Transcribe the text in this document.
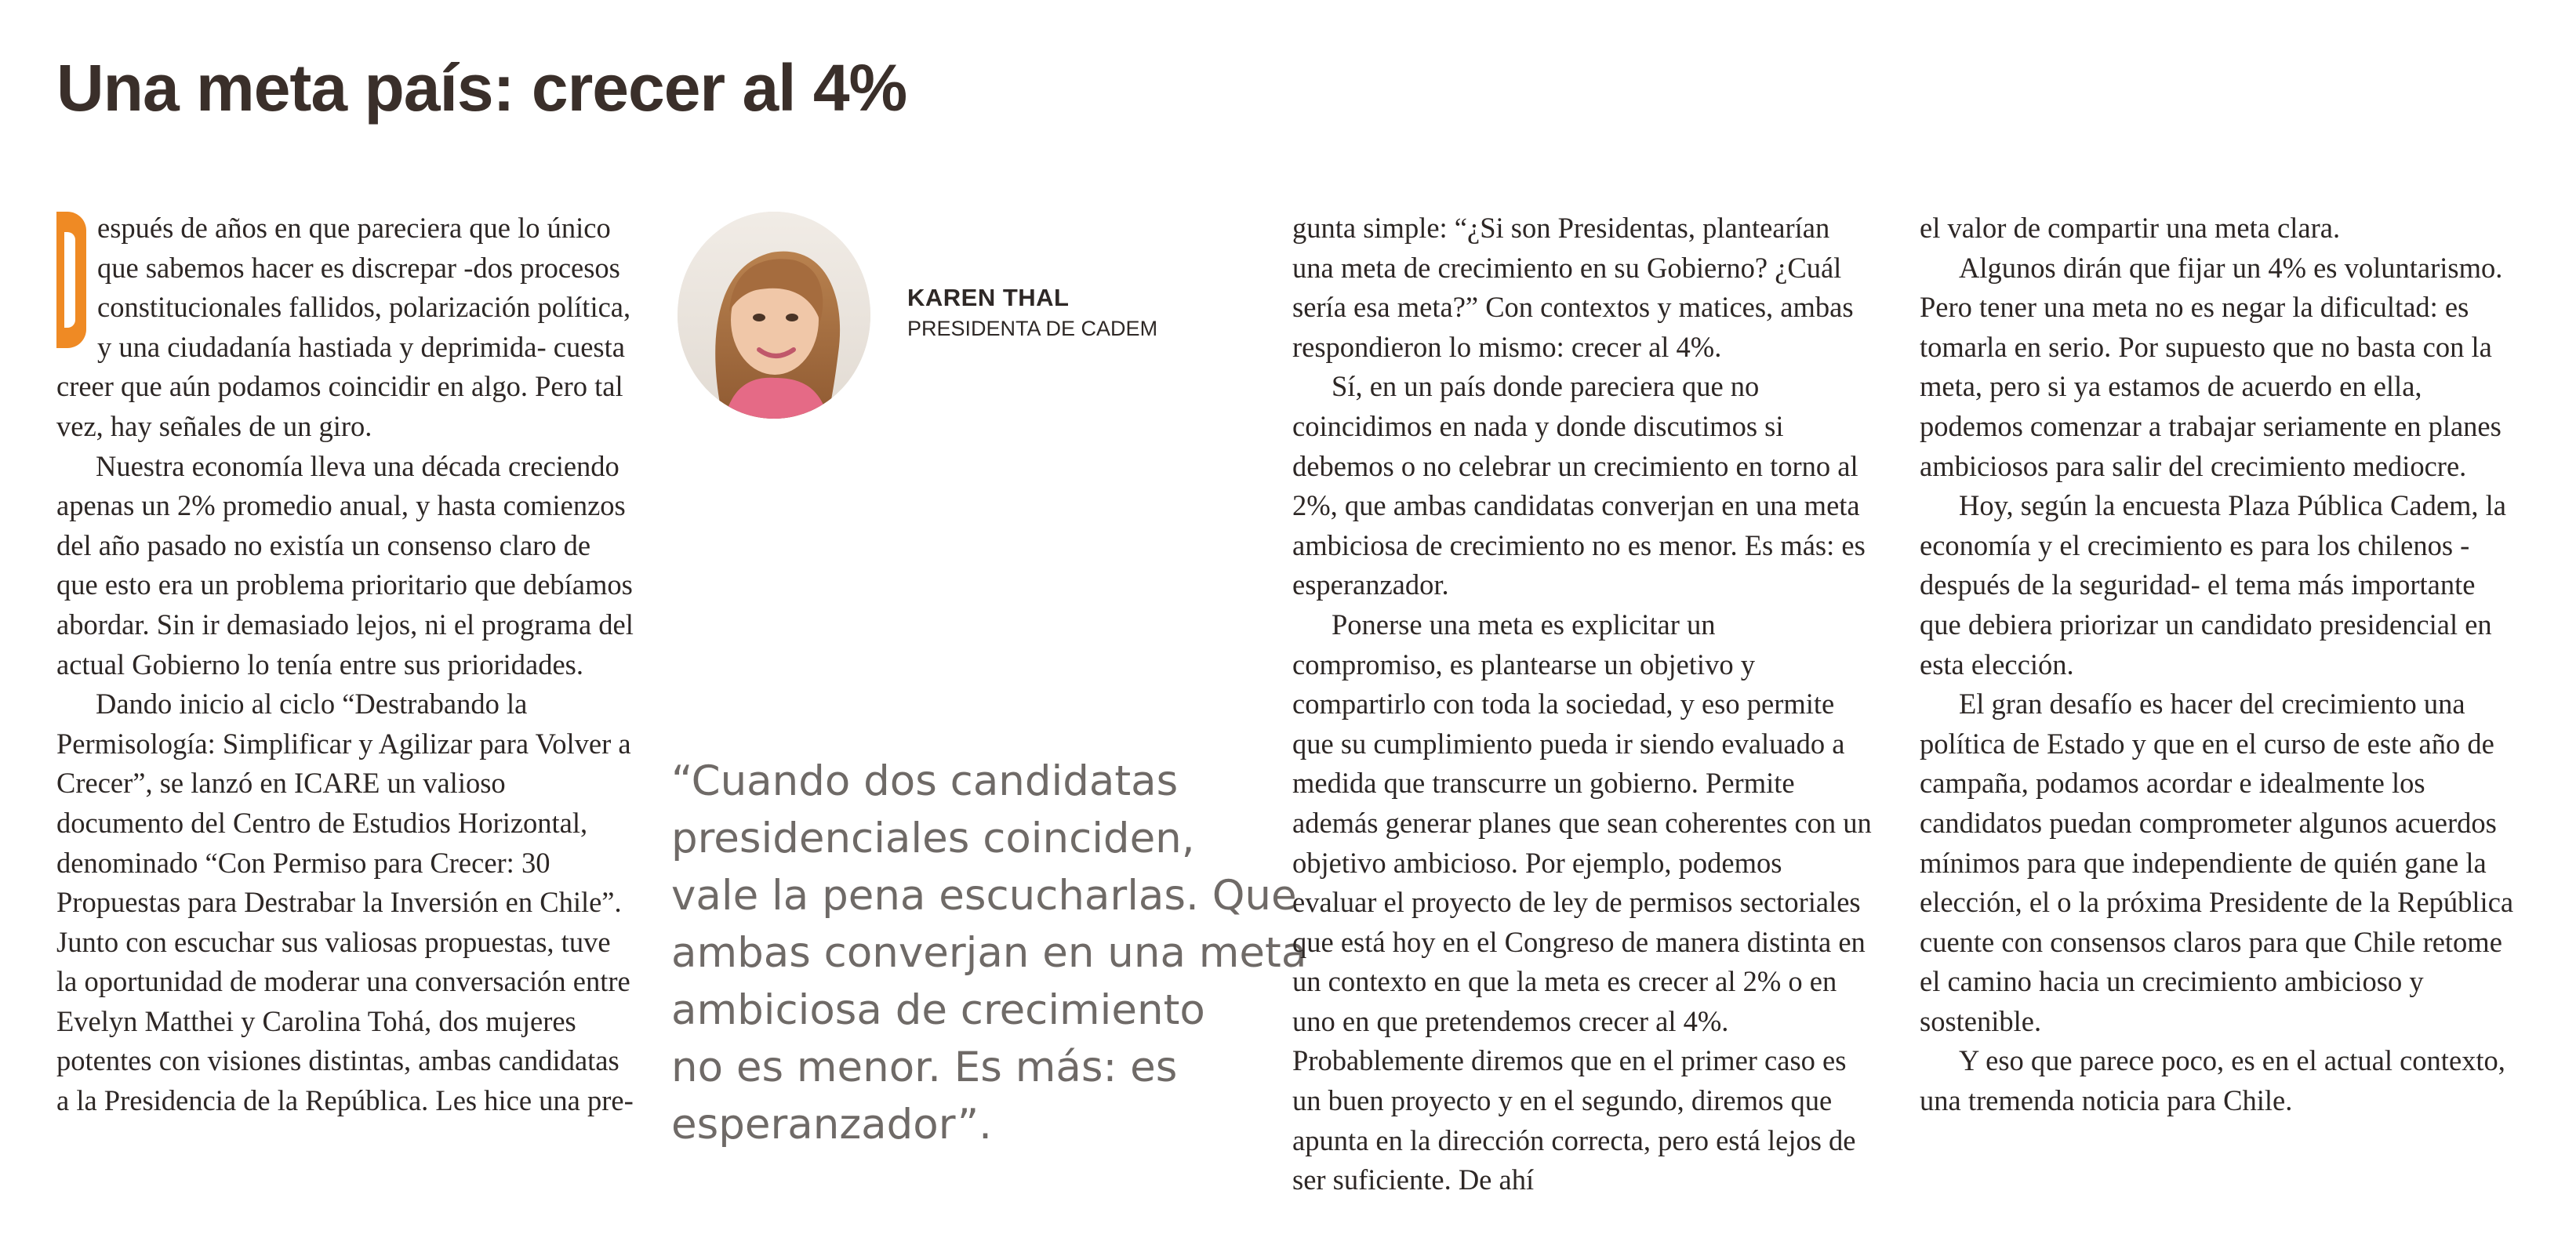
Una meta país: crecer al 4%

espués de años en que pareciera que lo único que sabemos hacer es discrepar -dos procesos constitucionales fallidos, polarización política, y una ciudadanía hastiada y deprimida- cuesta creer que aún podamos coincidir en algo. Pero tal vez, hay señales de un giro.

Nuestra economía lleva una década creciendo apenas un 2% promedio anual, y hasta comienzos del año pasado no existía un consenso claro de que esto era un problema prioritario que debíamos abordar. Sin ir demasiado lejos, ni el programa del actual Gobierno lo tenía entre sus prioridades.

Dando inicio al ciclo “Destrabando la Permisología: Simplificar y Agilizar para Volver a Crecer”, se lanzó en ICARE un valioso documento del Centro de Estudios Horizontal, denominado “Con Permiso para Crecer: 30 Propuestas para Destrabar la Inversión en Chile”. Junto con escuchar sus valiosas propuestas, tuve la oportunidad de moderar una conversación entre Evelyn Matthei y Carolina Tohá, dos mujeres potentes con visiones distintas, ambas candidatas a la Presidencia de la República. Les hice una pre-

KAREN THAL
PRESIDENTA DE CADEM
“Cuando dos candidatas
presidenciales coinciden,
vale la pena escucharlas. Que
ambas converjan en una meta
ambiciosa de crecimiento
no es menor. Es más: es
esperanzador”.

gunta simple: “¿Si son Presidentas, plantearían una meta de crecimiento en su Gobierno? ¿Cuál sería esa meta?” Con contextos y matices, ambas respondieron lo mismo: crecer al 4%.

Sí, en un país donde pareciera que no coincidimos en nada y donde discutimos si debemos o no celebrar un crecimiento en torno al 2%, que ambas candidatas converjan en una meta ambiciosa de crecimiento no es menor. Es más: es esperanzador.

Ponerse una meta es explicitar un compromiso, es plantearse un objetivo y compartirlo con toda la sociedad, y eso permite que su cumplimiento pueda ir siendo evaluado a medida que transcurre un gobierno. Permite además generar planes que sean coherentes con un objetivo ambicioso. Por ejemplo, podemos evaluar el proyecto de ley de permisos sectoriales que está hoy en el Congreso de manera distinta en un contexto en que la meta es crecer al 2% o en uno en que pretendemos crecer al 4%. Probablemente diremos que en el primer caso es un buen proyecto y en el segundo, diremos que apunta en la dirección correcta, pero está lejos de ser suficiente. De ahí

el valor de compartir una meta clara.

Algunos dirán que fijar un 4% es voluntarismo. Pero tener una meta no es negar la dificultad: es tomarla en serio. Por supuesto que no basta con la meta, pero si ya estamos de acuerdo en ella, podemos comenzar a trabajar seriamente en planes ambiciosos para salir del crecimiento mediocre.

Hoy, según la encuesta Plaza Pública Cadem, la economía y el crecimiento es para los chilenos -después de la seguridad- el tema más importante que debiera priorizar un candidato presidencial en esta elección.

El gran desafío es hacer del crecimiento una política de Estado y que en el curso de este año de campaña, podamos acordar e idealmente los candidatos puedan comprometer algunos acuerdos mínimos para que independiente de quién gane la elección, el o la próxima Presidente de la República cuente con consensos claros para que Chile retome el camino hacia un crecimiento ambicioso y sostenible.

Y eso que parece poco, es en el actual contexto, una tremenda noticia para Chile.
